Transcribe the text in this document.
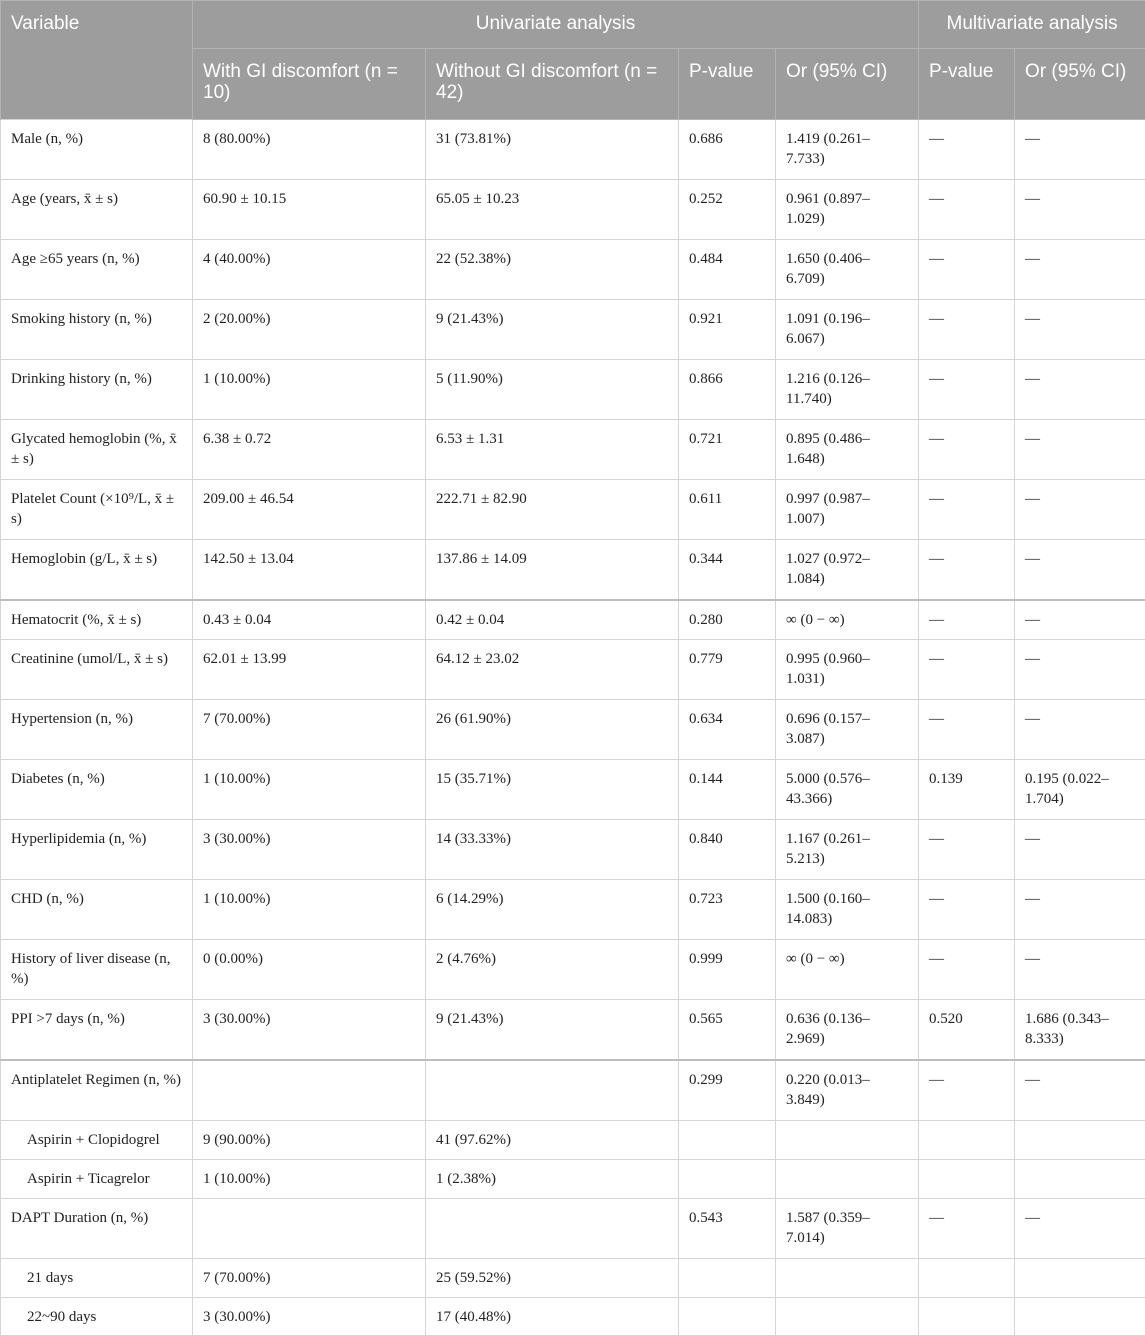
Variable	Univariate analysis				Multivariate analysis	
	With GI discomfort (n = 10)	Without GI discomfort (n = 42)	P-value	Or (95% CI)	P-value	Or (95% CI)
Male (n, %)	8 (80.00%)	31 (73.81%)	0.686	1.419 (0.261–7.733)	—	—
Age (years, x̄ ± s)	60.90 ± 10.15	65.05 ± 10.23	0.252	0.961 (0.897–1.029)	—	—
Age ≥65 years (n, %)	4 (40.00%)	22 (52.38%)	0.484	1.650 (0.406–6.709)	—	—
Smoking history (n, %)	2 (20.00%)	9 (21.43%)	0.921	1.091 (0.196–6.067)	—	—
Drinking history (n, %)	1 (10.00%)	5 (11.90%)	0.866	1.216 (0.126–11.740)	—	—
Glycated hemoglobin (%, x̄ ± s)	6.38 ± 0.72	6.53 ± 1.31	0.721	0.895 (0.486–1.648)	—	—
Platelet Count (×10⁹/L, x̄ ± s)	209.00 ± 46.54	222.71 ± 82.90	0.611	0.997 (0.987–1.007)	—	—
Hemoglobin (g/L, x̄ ± s)	142.50 ± 13.04	137.86 ± 14.09	0.344	1.027 (0.972–1.084)	—	—
Hematocrit (%, x̄ ± s)	0.43 ± 0.04	0.42 ± 0.04	0.280	∞ (0 − ∞)	—	—
Creatinine (umol/L, x̄ ± s)	62.01 ± 13.99	64.12 ± 23.02	0.779	0.995 (0.960–1.031)	—	—
Hypertension (n, %)	7 (70.00%)	26 (61.90%)	0.634	0.696 (0.157–3.087)	—	—
Diabetes (n, %)	1 (10.00%)	15 (35.71%)	0.144	5.000 (0.576–43.366)	0.139	0.195 (0.022–1.704)
Hyperlipidemia (n, %)	3 (30.00%)	14 (33.33%)	0.840	1.167 (0.261–5.213)	—	—
CHD (n, %)	1 (10.00%)	6 (14.29%)	0.723	1.500 (0.160–14.083)	—	—
History of liver disease (n, %)	0 (0.00%)	2 (4.76%)	0.999	∞ (0 − ∞)	—	—
PPI >7 days (n, %)	3 (30.00%)	9 (21.43%)	0.565	0.636 (0.136–2.969)	0.520	1.686 (0.343–8.333)
Antiplatelet Regimen (n, %)			0.299	0.220 (0.013–3.849)	—	—
Aspirin + Clopidogrel	9 (90.00%)	41 (97.62%)				
Aspirin + Ticagrelor	1 (10.00%)	1 (2.38%)				
DAPT Duration (n, %)			0.543	1.587 (0.359–7.014)	—	—
21 days	7 (70.00%)	25 (59.52%)				
22~90 days	3 (30.00%)	17 (40.48%)				
